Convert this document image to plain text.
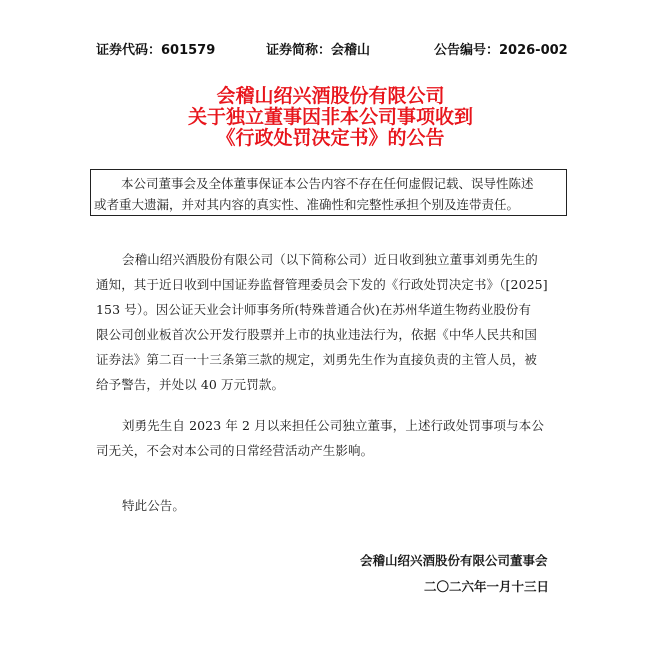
证券代码：601579	证券简称：会稽山	公告编号：2026-002
会稽山绍兴酒股份有限公司
关于独立董事因非本公司事项收到
《行政处罚决定书》的公告

本公司董事会及全体董事保证本公告内容不存在任何虚假记载、误导性陈述

或者重大遗漏，并对其内容的真实性、准确性和完整性承担个别及连带责任。

会稽山绍兴酒股份有限公司（以下简称公司）近日收到独立董事刘勇先生的

通知，其于近日收到中国证券监督管理委员会下发的《行政处罚决定书》（[2025]

153 号）。因公证天业会计师事务所(特殊普通合伙)在苏州华道生物药业股份有

限公司创业板首次公开发行股票并上市的执业违法行为，依据《中华人民共和国

证券法》第二百一十三条第三款的规定，刘勇先生作为直接负责的主管人员，被

给予警告，并处以 40 万元罚款。

刘勇先生自 2023 年 2 月以来担任公司独立董事，上述行政处罚事项与本公

司无关，不会对本公司的日常经营活动产生影响。

特此公告。

会稽山绍兴酒股份有限公司董事会
二〇二六年一月十三日
